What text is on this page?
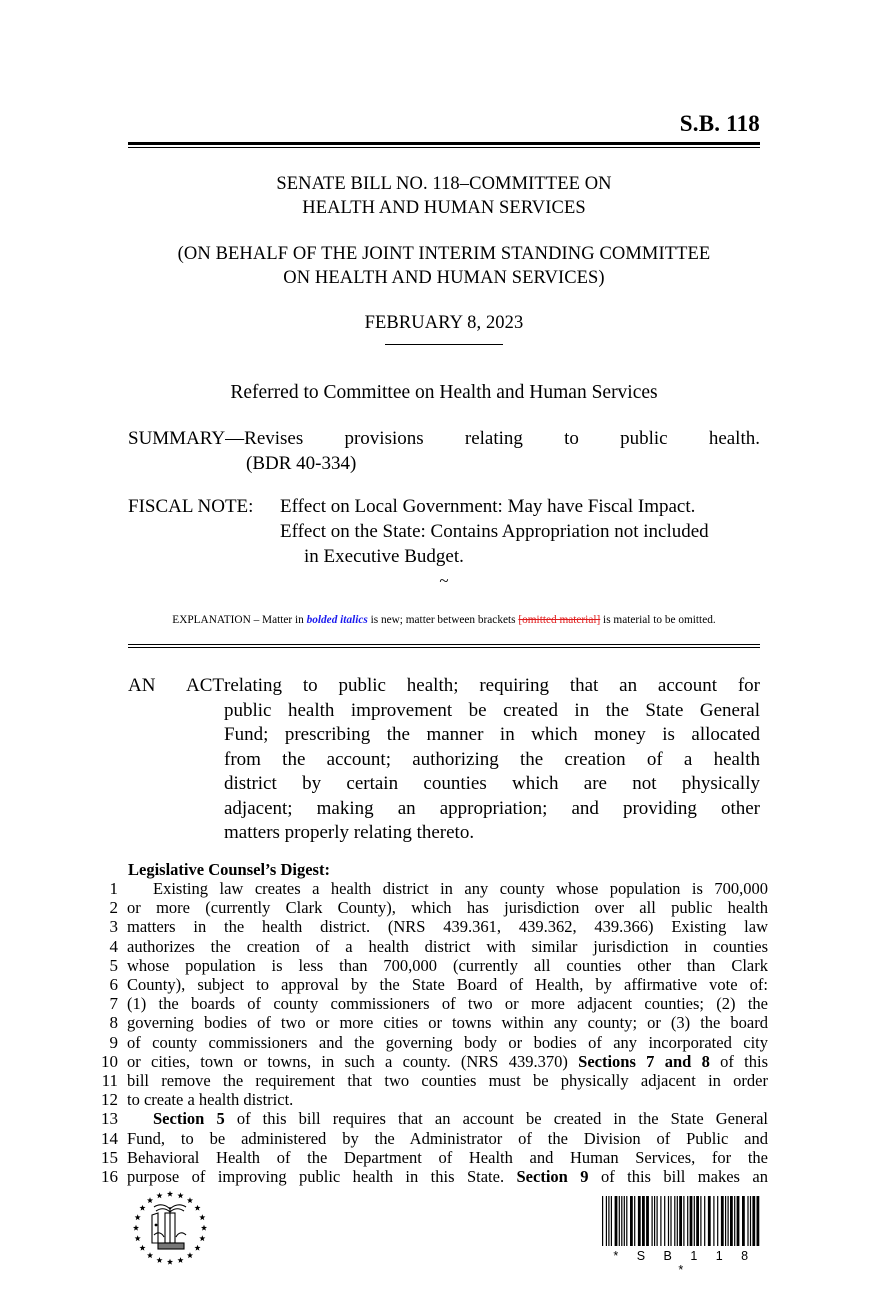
S.B. 118
SENATE BILL NO. 118–COMMITTEE ON
HEALTH AND HUMAN SERVICES
(ON BEHALF OF THE JOINT INTERIM STANDING COMMITTEE
ON HEALTH AND HUMAN SERVICES)
FEBRUARY 8, 2023
Referred to Committee on Health and Human Services
SUMMARY—Revises provisions relating to public health.
(BDR 40-334)
FISCAL NOTE:	Effect on Local Government: May have Fiscal Impact.
Effect on the State: Contains Appropriation not included
in Executive Budget.
~
EXPLANATION – Matter in bolded italics is new; matter between brackets [omitted material] is material to be omitted.
AN ACT relating to public health; requiring that an account for
public health improvement be created in the State General
Fund; prescribing the manner in which money is allocated
from the account; authorizing the creation of a health
district by certain counties which are not physically
adjacent; making an appropriation; and providing other
matters properly relating thereto.
Legislative Counsel’s Digest:
1	Existing law creates a health district in any county whose population is 700,000
2 or more (currently Clark County), which has jurisdiction over all public health
3 matters in the health district. (NRS 439.361, 439.362, 439.366) Existing law
4 authorizes the creation of a health district with similar jurisdiction in counties
5 whose population is less than 700,000 (currently all counties other than Clark
6 County), subject to approval by the State Board of Health, by affirmative vote of:
7 (1) the boards of county commissioners of two or more adjacent counties; (2) the
8 governing bodies of two or more cities or towns within any county; or (3) the board
9 of county commissioners and the governing body or bodies of any incorporated city
10 or cities, town or towns, in such a county. (NRS 439.370) Sections 7 and 8 of this
11 bill remove the requirement that two counties must be physically adjacent in order
12 to create a health district.
13	Section 5 of this bill requires that an account be created in the State General
14 Fund, to be administered by the Administrator of the Division of Public and
15 Behavioral Health of the Department of Health and Human Services, for the
16 purpose of improving public health in this State. Section 9 of this bill makes an
* S B 1 1 8 *
